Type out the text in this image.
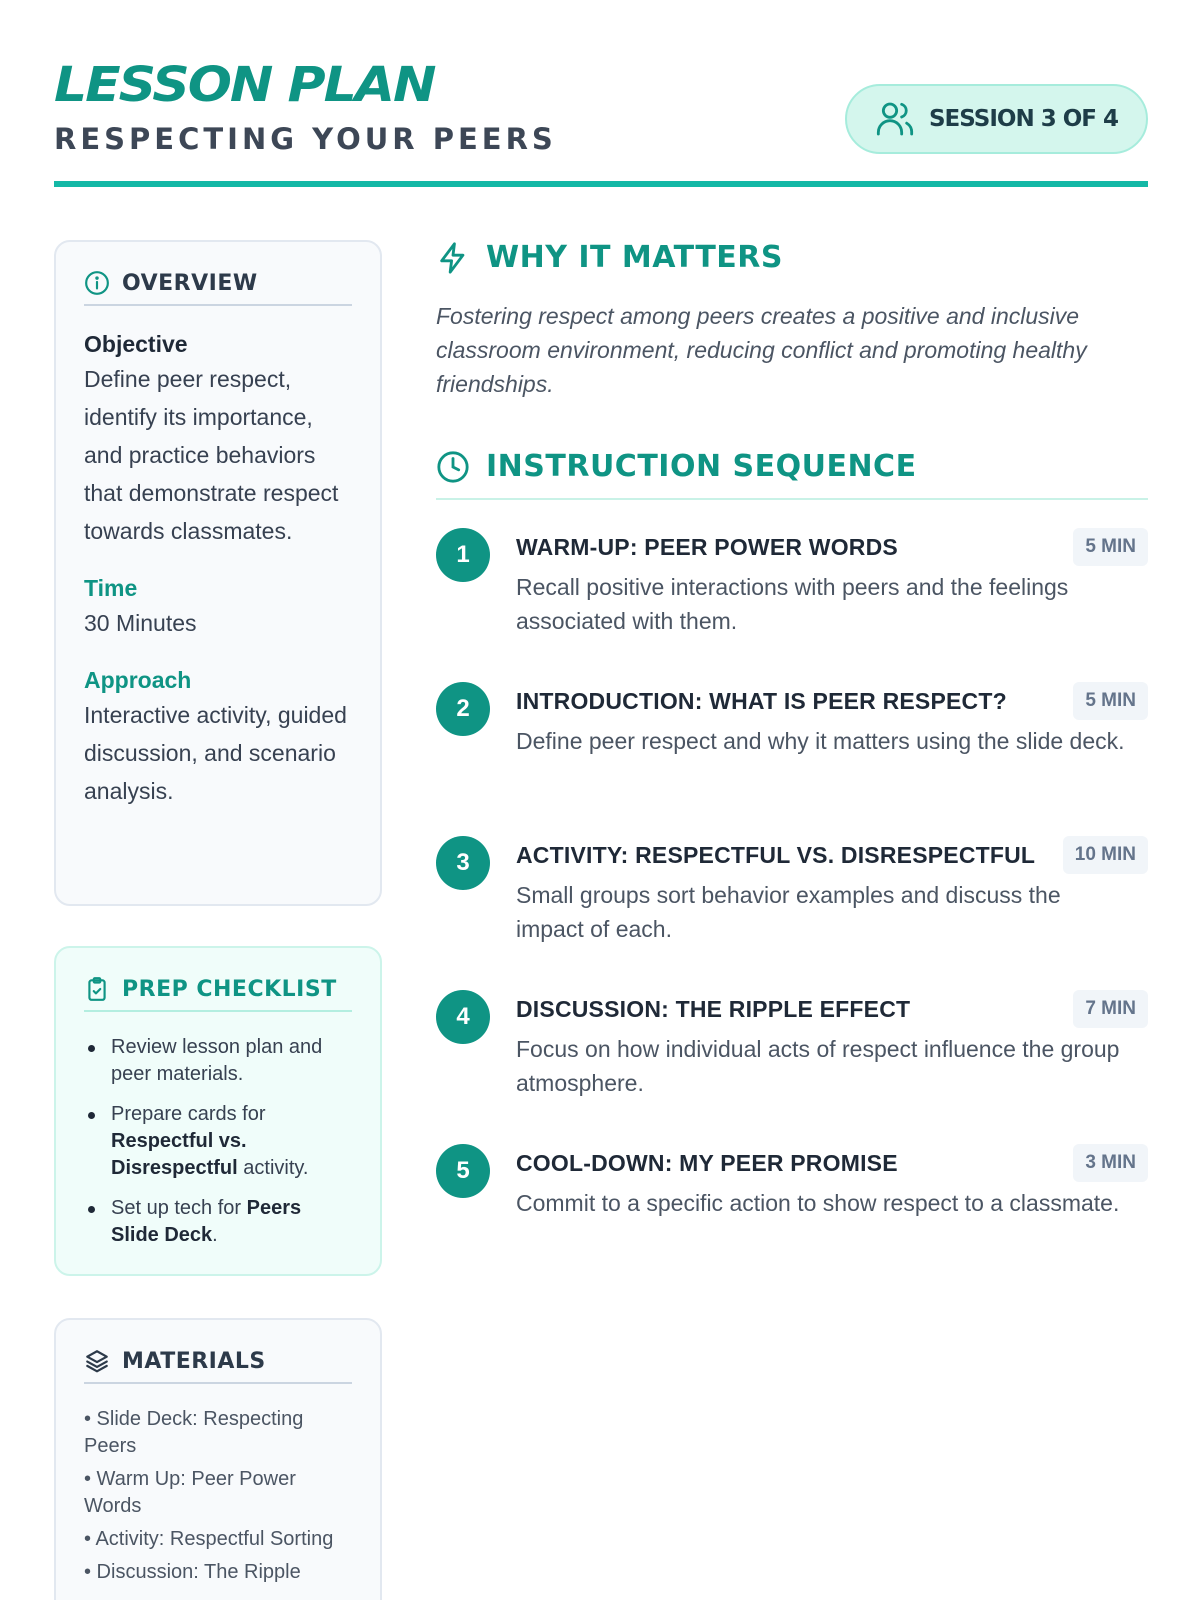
LESSON PLAN
RESPECTING YOUR PEERS
SESSION 3 OF 4
OVERVIEW
Objective
Define peer respect, identify its importance, and practice behaviors that demonstrate respect towards classmates.
Time
30 Minutes
Approach
Interactive activity, guided discussion, and scenario analysis.
PREP CHECKLIST
Review lesson plan and peer materials.
Prepare cards for Respectful vs. Disrespectful activity.
Set up tech for Peers Slide Deck.
MATERIALS
• Slide Deck: Respecting Peers
• Warm Up: Peer Power Words
• Activity: Respectful Sorting
• Discussion: The Ripple
WHY IT MATTERS
Fostering respect among peers creates a positive and inclusive classroom environment, reducing conflict and promoting healthy friendships.
INSTRUCTION SEQUENCE
1	WARM-UP: PEER POWER WORDS	5 MIN
Recall positive interactions with peers and the feelings associated with them.
2	INTRODUCTION: WHAT IS PEER RESPECT?	5 MIN
Define peer respect and why it matters using the slide deck.
3	ACTIVITY: RESPECTFUL VS. DISRESPECTFUL	10 MIN
Small groups sort behavior examples and discuss the impact of each.
4	DISCUSSION: THE RIPPLE EFFECT	7 MIN
Focus on how individual acts of respect influence the group atmosphere.
5	COOL-DOWN: MY PEER PROMISE	3 MIN
Commit to a specific action to show respect to a classmate.
